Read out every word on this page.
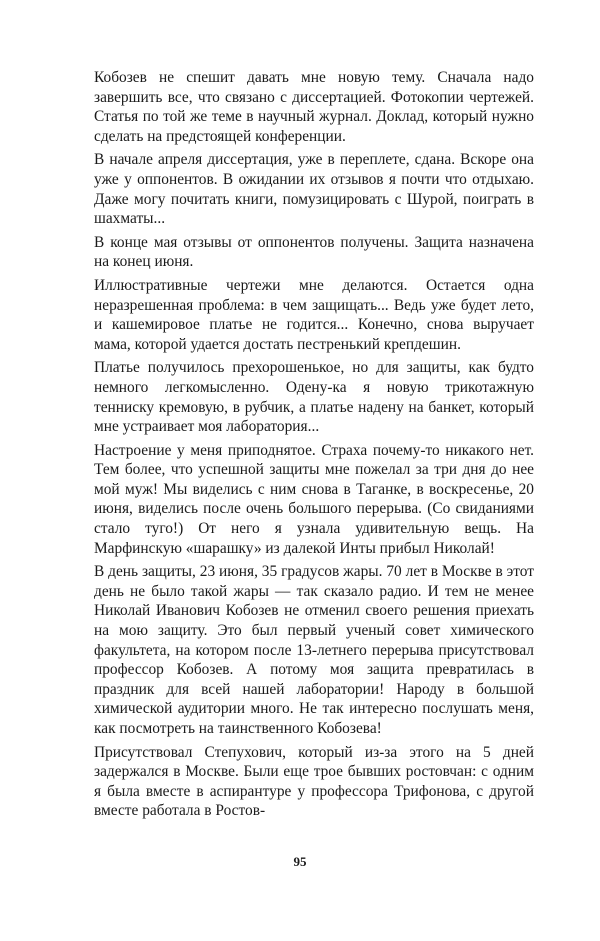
Кобозев не спешит давать мне новую тему. Сначала надо завершить все, что связано с диссертацией. Фотокопии чертежей. Статья по той же теме в научный журнал. Доклад, который нужно сделать на предстоящей конференции.

В начале апреля диссертация, уже в переплете, сдана. Вскоре она уже у оппонентов. В ожидании их отзывов я почти что отдыхаю. Даже могу почитать книги, помузицировать с Шурой, поиграть в шахматы...

В конце мая отзывы от оппонентов получены. Защита назначена на конец июня.

Иллюстративные чертежи мне делаются. Остается одна неразрешенная проблема: в чем защищать... Ведь уже будет лето, и кашемировое платье не годится... Конечно, снова выручает мама, которой удается достать пестренький крепдешин.

Платье получилось прехорошенькое, но для защиты, как будто немного легкомысленно. Одену-ка я новую трикотажную тенниску кремовую, в рубчик, а платье надену на банкет, который мне устраивает моя лаборатория...

Настроение у меня приподнятое. Страха почему-то никакого нет. Тем более, что успешной защиты мне пожелал за три дня до нее мой муж! Мы виделись с ним снова в Таганке, в воскресенье, 20 июня, виделись после очень большого перерыва. (Со свиданиями стало туго!) От него я узнала удивительную вещь. На Марфинскую «шарашку» из далекой Инты прибыл Николай!

В день защиты, 23 июня, 35 градусов жары. 70 лет в Москве в этот день не было такой жары — так сказало радио. И тем не менее Николай Иванович Кобозев не отменил своего решения приехать на мою защиту. Это был первый ученый совет химического факультета, на котором после 13-летнего перерыва присутствовал профессор Кобозев. А потому моя защита превратилась в праздник для всей нашей лаборатории! Народу в большой химической аудитории много. Не так интересно послушать меня, как посмотреть на таинственного Кобозева!

Присутствовал Степухович, который из-за этого на 5 дней задержался в Москве. Были еще трое бывших ростовчан: с одним я была вместе в аспирантуре у профессора Трифонова, с другой вместе работала в Ростов-

95
